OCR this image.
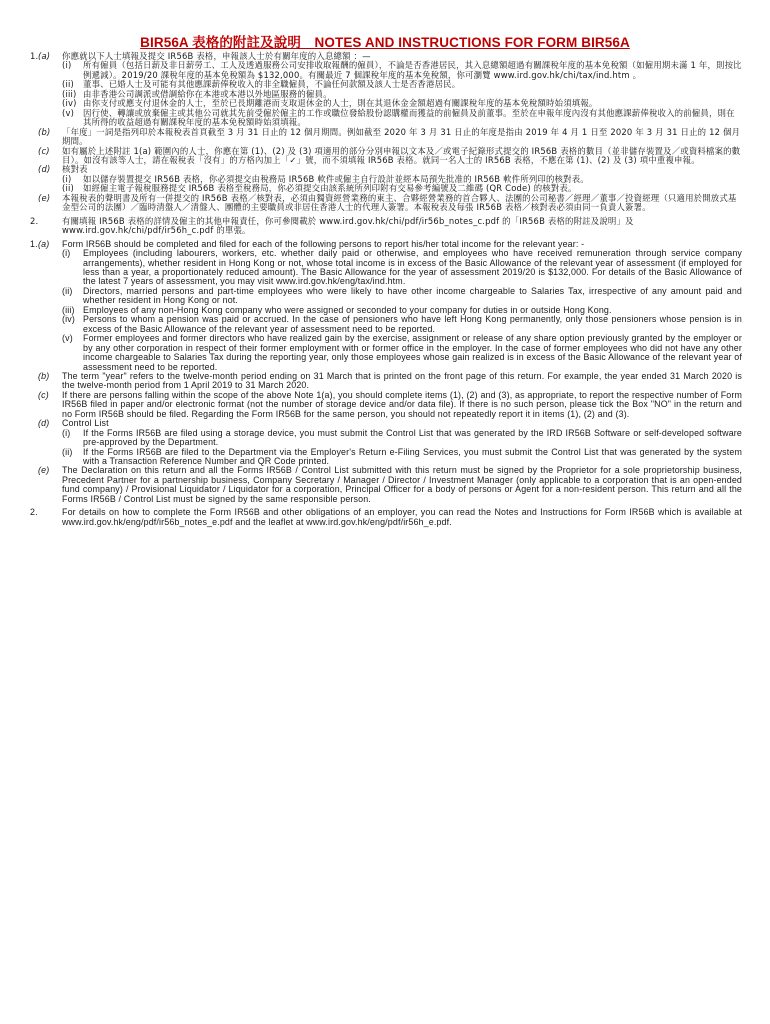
BIR56A 表格的附註及說明　NOTES AND INSTRUCTIONS FOR FORM BIR56A
1. (a) 你應就以下人士填報及提交 IR56B 表格，申報該人士於有關年度的入息總額 ：—
(i) 所有僱員（包括日薪及非日薪勞工、工人及透過服務公司安排收取報酬的僱員），不論是否香港居民，其入息總額超過有關課稅年度的基本免稅額（如僱用期未滿 1 年，則按比例遞減）。2019/20 課稅年度的基本免稅額為 $132,000。有關最近 7 個課稅年度的基本免稅額，你可瀏覽 www.ird.gov.hk/chi/tax/ind.htm 。
(ii) 董事、已婚人士及可能有其他應課薪俸稅收入的非全職僱員，不論任何款額及該人士是否香港居民。
(iii) 由非香港公司調派或借調給你在本港或本港以外地區服務的僱員。
(iv) 由你支付或應支付退休金的人士，至於已長期離港而支取退休金的人士，則在其退休金金額超過有關課稅年度的基本免稅額時始須填報。
(v) 因行使、轉讓或放棄僱主或其他公司就其先前受僱於僱主的工作或職位發給股份認購權而獲益的前僱員及前董事。至於在申報年度內沒有其他應課薪俸稅收入的前僱員，則在其所得的收益超過有關課稅年度的基本免稅額時始須填報。
(b) 「年度」一詞是指列印於本報稅表首頁截至 3 月 31 日止的 12 個月期間。例如截至 2020 年 3 月 31 日止的年度是指由 2019 年 4 月 1 日至 2020 年 3 月 31 日止的 12 個月期間。
(c) 如有屬於上述附註 1(a) 範圍內的人士，你應在第 (1)、(2) 及 (3) 項適用的部分分別申報以文本及／或電子紀錄形式提交的 IR56B 表格的數目（並非儲存裝置及／或資料檔案的數目）。如沒有該等人士，請在報稅表「沒有」的方格內加上「✓」號，而不須填報 IR56B 表格。就同一名人士的 IR56B 表格，不應在第 (1)、(2) 及 (3) 項中重複申報。
(d) 核對表
(i) 如以儲存裝置提交 IR56B 表格，你必須提交由稅務局 IR56B 軟件或僱主自行設計並經本局預先批准的 IR56B 軟件所列印的核對表。
(ii) 如經僱主電子報稅服務提交 IR56B 表格至稅務局，你必須提交由該系統所列印附有交易參考編號及二維碼 (QR Code) 的核對表。
(e) 本報稅表的聲明書及所有一併提交的 IR56B 表格／核對表，必須由獨資經營業務的東主、合夥經營業務的首合夥人、法團的公司秘書／經理／董事／投資經理（只適用於開放式基金型公司的法團）／臨時清盤人／清盤人、團體的主要職員或非居住香港人士的代理人簽署。本報稅表及每張 IR56B 表格／核對表必須由同一負責人簽署。
2.	有關填報 IR56B 表格的詳情及僱主的其他申報責任，你可參閱載於 www.ird.gov.hk/chi/pdf/ir56b_notes_c.pdf 的「IR56B 表格的附註及說明」及 www.ird.gov.hk/chi/pdf/ir56h_c.pdf 的單張。
1. (a) Form IR56B should be completed and filed for each of the following persons to report his/her total income for the relevant year: -
(i) Employees (including labourers, workers, etc. whether daily paid or otherwise, and employees who have received remuneration through service company arrangements), whether resident in Hong Kong or not, whose total income is in excess of the Basic Allowance of the relevant year of assessment (if employed for less than a year, a proportionately reduced amount). The Basic Allowance for the year of assessment 2019/20 is $132,000. For details of the Basic Allowance of the latest 7 years of assessment, you may visit www.ird.gov.hk/eng/tax/ind.htm.
(ii) Directors, married persons and part-time employees who were likely to have other income chargeable to Salaries Tax, irrespective of any amount paid and whether resident in Hong Kong or not.
(iii) Employees of any non-Hong Kong company who were assigned or seconded to your company for duties in or outside Hong Kong.
(iv) Persons to whom a pension was paid or accrued. In the case of pensioners who have left Hong Kong permanently, only those pensioners whose pension is in excess of the Basic Allowance of the relevant year of assessment need to be reported.
(v) Former employees and former directors who have realized gain by the exercise, assignment or release of any share option previously granted by the employer or by any other corporation in respect of their former employment with or former office in the employer. In the case of former employees who did not have any other income chargeable to Salaries Tax during the reporting year, only those employees whose gain realized is in excess of the Basic Allowance of the relevant year of assessment need to be reported.
(b) The term "year" refers to the twelve-month period ending on 31 March that is printed on the front page of this return. For example, the year ended 31 March 2020 is the twelve-month period from 1 April 2019 to 31 March 2020.
(c) If there are persons falling within the scope of the above Note 1(a), you should complete items (1), (2) and (3), as appropriate, to report the respective number of Form IR56B filed in paper and/or electronic format (not the number of storage device and/or data file). If there is no such person, please tick the Box "NO" in the return and no Form IR56B should be filed. Regarding the Form IR56B for the same person, you should not repeatedly report it in items (1), (2) and (3).
(d) Control List
(i) If the Forms IR56B are filed using a storage device, you must submit the Control List that was generated by the IRD IR56B Software or self-developed software pre-approved by the Department.
(ii) If the Forms IR56B are filed to the Department via the Employer's Return e-Filing Services, you must submit the Control List that was generated by the system with a Transaction Reference Number and QR Code printed.
(e) The Declaration on this return and all the Forms IR56B / Control List submitted with this return must be signed by the Proprietor for a sole proprietorship business, Precedent Partner for a partnership business, Company Secretary / Manager / Director / Investment Manager (only applicable to a corporation that is an open-ended fund company) / Provisional Liquidator / Liquidator for a corporation, Principal Officer for a body of persons or Agent for a non-resident person. This return and all the Forms IR56B / Control List must be signed by the same responsible person.
2.	For details on how to complete the Form IR56B and other obligations of an employer, you can read the Notes and Instructions for Form IR56B which is available at www.ird.gov.hk/eng/pdf/ir56b_notes_e.pdf and the leaflet at www.ird.gov.hk/eng/pdf/ir56h_e.pdf.
